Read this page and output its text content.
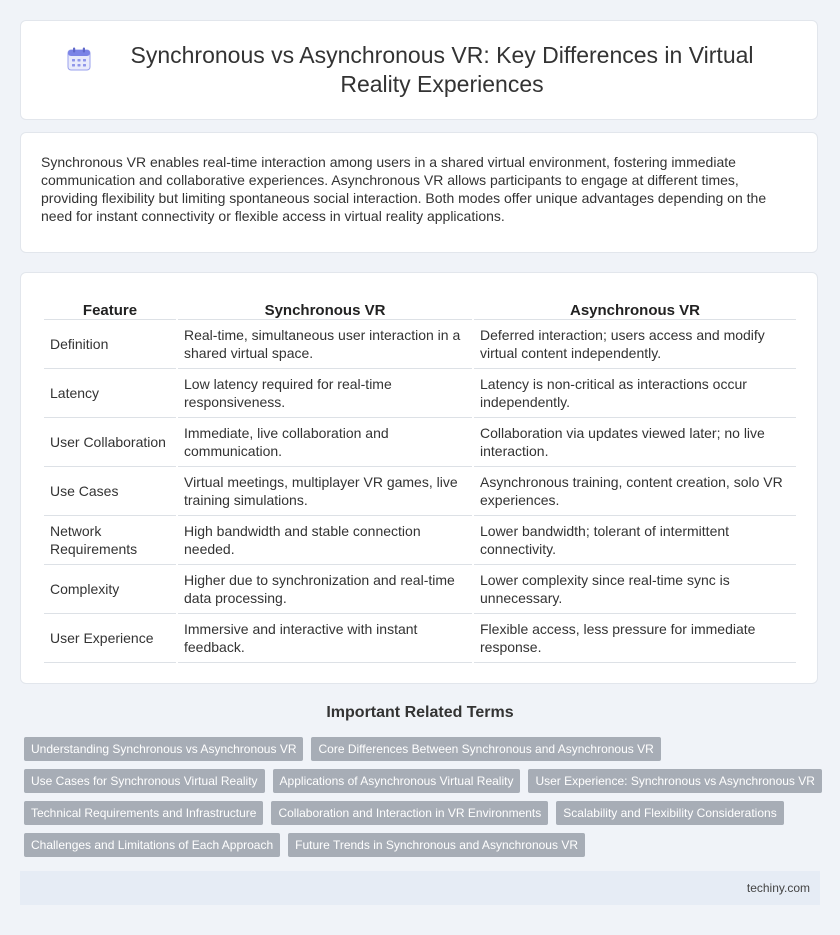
Synchronous vs Asynchronous VR: Key Differences in Virtual Reality Experiences

Synchronous VR enables real-time interaction among users in a shared virtual environment, fostering immediate communication and collaborative experiences. Asynchronous VR allows participants to engage at different times, providing flexibility but limiting spontaneous social interaction. Both modes offer unique advantages depending on the need for instant connectivity or flexible access in virtual reality applications.

Feature	Synchronous VR	Asynchronous VR
Definition	Real-time, simultaneous user interaction in a shared virtual space.	Deferred interaction; users access and modify virtual content independently.
Latency	Low latency required for real-time responsiveness.	Latency is non-critical as interactions occur independently.
User Collaboration	Immediate, live collaboration and communication.	Collaboration via updates viewed later; no live interaction.
Use Cases	Virtual meetings, multiplayer VR games, live training simulations.	Asynchronous training, content creation, solo VR experiences.
Network Requirements	High bandwidth and stable connection needed.	Lower bandwidth; tolerant of intermittent connectivity.
Complexity	Higher due to synchronization and real-time data processing.	Lower complexity since real-time sync is unnecessary.
User Experience	Immersive and interactive with instant feedback.	Flexible access, less pressure for immediate response.
Important Related Terms
Understanding Synchronous vs Asynchronous VR	Core Differences Between Synchronous and Asynchronous VR
Use Cases for Synchronous Virtual Reality	Applications of Asynchronous Virtual Reality	User Experience: Synchronous vs Asynchronous VR
Technical Requirements and Infrastructure	Collaboration and Interaction in VR Environments	Scalability and Flexibility Considerations
Challenges and Limitations of Each Approach	Future Trends in Synchronous and Asynchronous VR
techiny.com
